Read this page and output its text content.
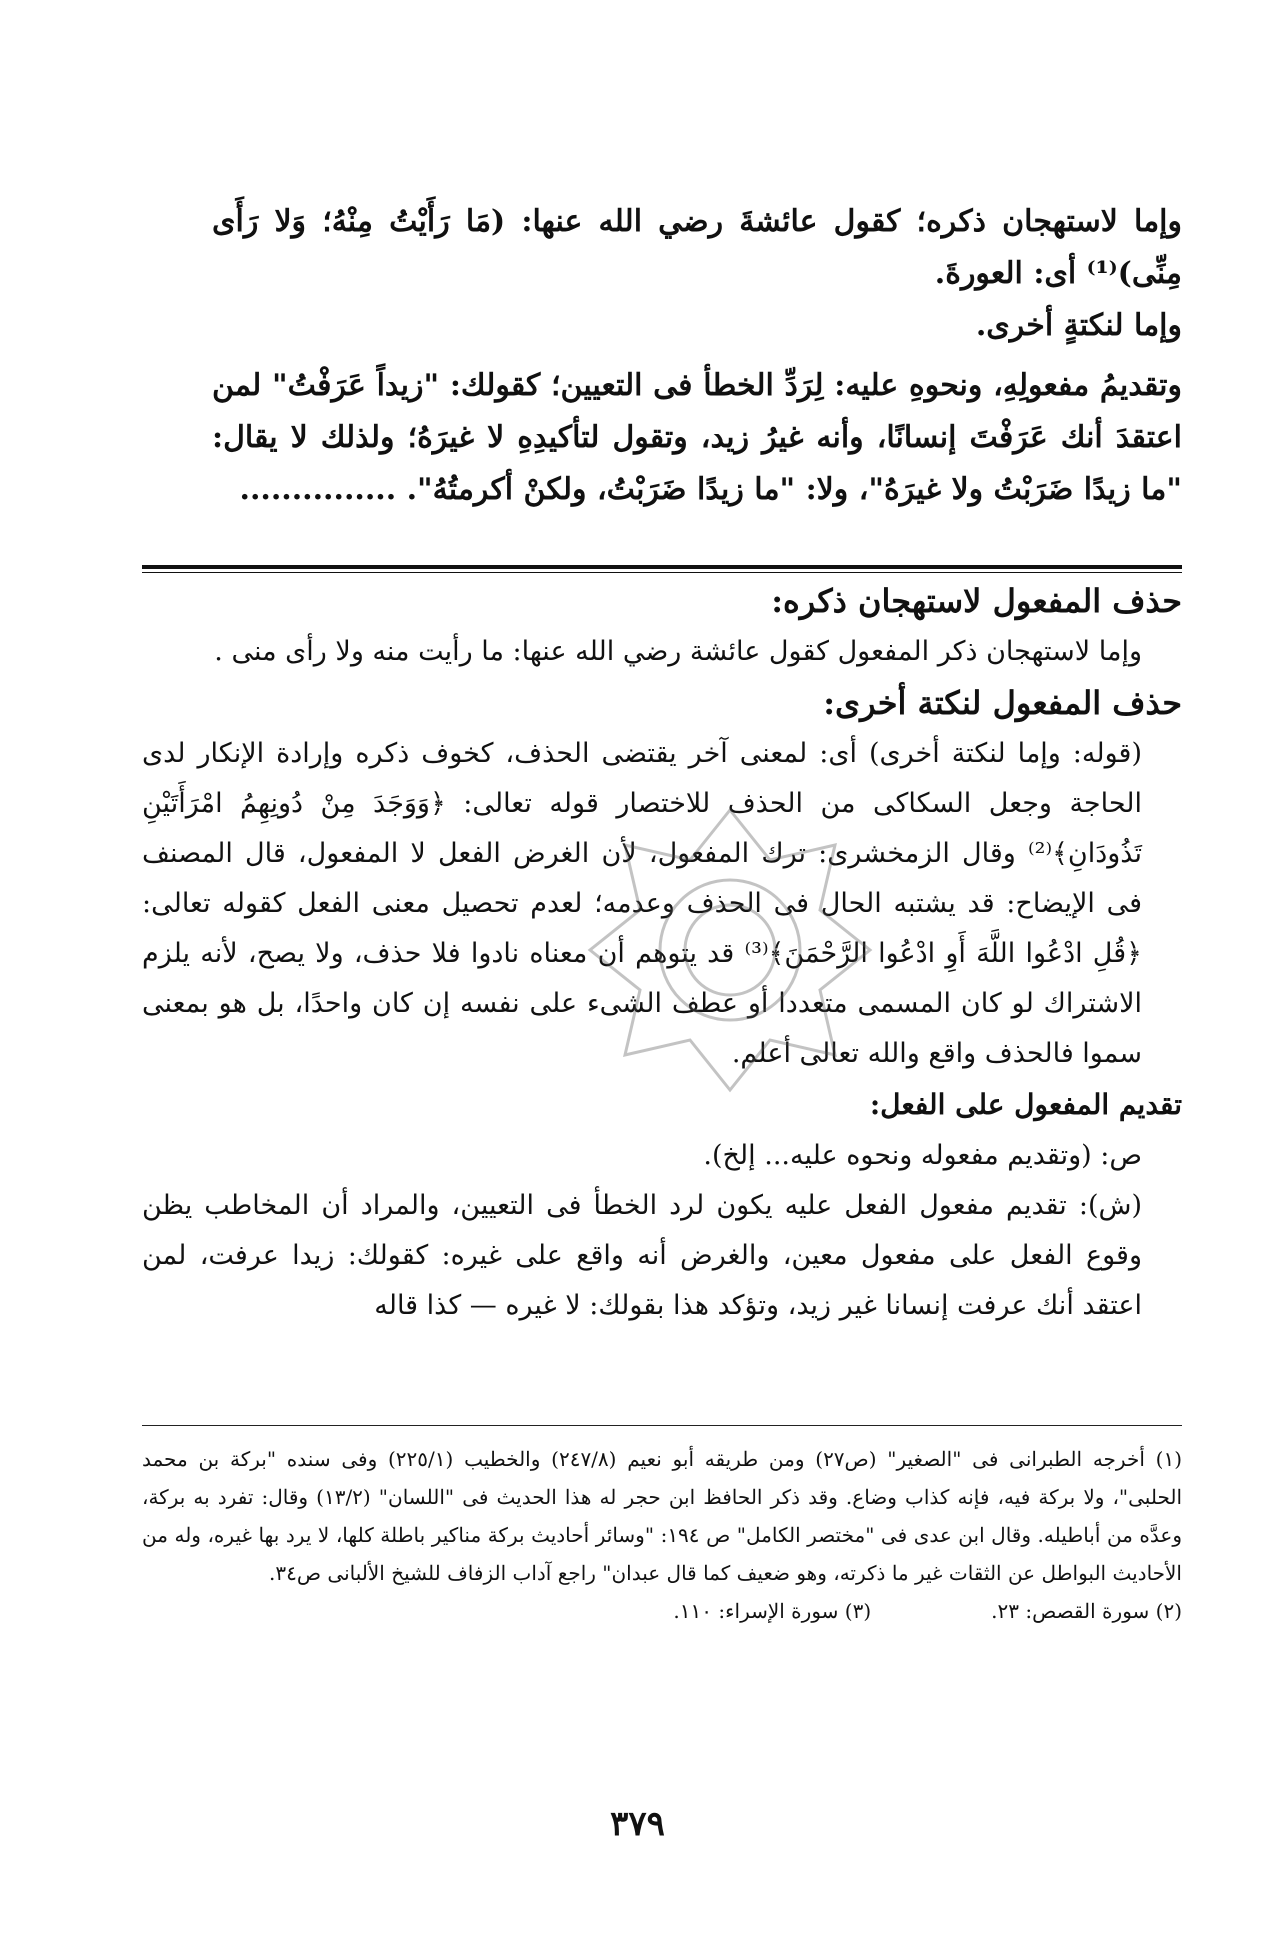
وإما لاستهجان ذكره؛ كقول عائشةَ رضي الله عنها: (مَا رَأَيْتُ مِنْهُ؛ وَلا رَأَى مِنِّى)⁽¹⁾ أى: العورةَ.

وإما لنكتةٍ أخرى.

وتقديمُ مفعولِهِ، ونحوهِ عليه: لِرَدِّ الخطأ فى التعيين؛ كقولك: "زيداً عَرَفْتُ" لمن اعتقدَ أنك عَرَفْتَ إنسانًا، وأنه غيرُ زيد، وتقول لتأكيدِهِ لا غيرَهُ؛ ولذلك لا يقال: "ما زيدًا ضَرَبْتُ ولا غيرَهُ"، ولا: "ما زيدًا ضَرَبْتُ، ولكنْ أكرمتُهُ". ...............

حذف المفعول لاستهجان ذكره:

وإما لاستهجان ذكر المفعول كقول عائشة رضي الله عنها: ما رأيت منه ولا رأى منى .

حذف المفعول لنكتة أخرى:

(قوله: وإما لنكتة أخرى) أى: لمعنى آخر يقتضى الحذف، كخوف ذكره وإرادة الإنكار لدى الحاجة وجعل السكاكى من الحذف للاختصار قوله تعالى: ﴿وَوَجَدَ مِنْ دُونِهِمُ امْرَأَتَيْنِ تَذُودَانِ﴾⁽²⁾ وقال الزمخشرى: ترك المفعول، لأن الغرض الفعل لا المفعول، قال المصنف فى الإيضاح: قد يشتبه الحال فى الحذف وعدمه؛ لعدم تحصيل معنى الفعل كقوله تعالى: ﴿قُلِ ادْعُوا اللَّهَ أَوِ ادْعُوا الرَّحْمَنَ﴾⁽³⁾ قد يتوهم أن معناه نادوا فلا حذف، ولا يصح، لأنه يلزم الاشتراك لو كان المسمى متعددا أو عطف الشىء على نفسه إن كان واحدًا، بل هو بمعنى سموا فالحذف واقع والله تعالى أعلم.

تقديم المفعول على الفعل:

ص: (وتقديم مفعوله ونحوه عليه... إلخ).

(ش): تقديم مفعول الفعل عليه يكون لرد الخطأ فى التعيين، والمراد أن المخاطب يظن وقوع الفعل على مفعول معين، والغرض أنه واقع على غيره: كقولك: زيدا عرفت، لمن اعتقد أنك عرفت إنسانا غير زيد، وتؤكد هذا بقولك: لا غيره — كذا قاله

(١) أخرجه الطبرانى فى "الصغير" (ص٢٧) ومن طريقه أبو نعيم (٢٤٧/٨) والخطيب (٢٢٥/١) وفى سنده "بركة بن محمد الحلبى"، ولا بركة فيه، فإنه كذاب وضاع. وقد ذكر الحافظ ابن حجر له هذا الحديث فى "اللسان" (١٣/٢) وقال: تفرد به بركة، وعدَّه من أباطيله. وقال ابن عدى فى "مختصر الكامل" ص ١٩٤: "وسائر أحاديث بركة مناكير باطلة كلها، لا يرد بها غيره، وله من الأحاديث البواطل عن الثقات غير ما ذكرته، وهو ضعيف كما قال عبدان" راجع آداب الزفاف للشيخ الألبانى ص٣٤.

(٢) سورة القصص: ٢٣.
(٣) سورة الإسراء: ١١٠.
٣٧٩
